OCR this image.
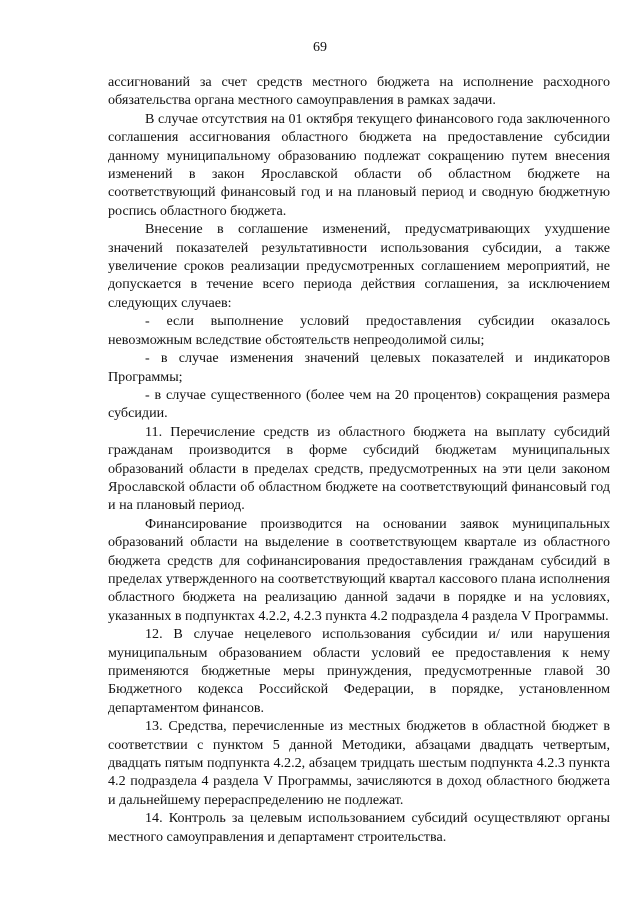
69

ассигнований за счет средств местного бюджета на исполнение расходного обязательства органа местного самоуправления в рамках задачи.

В случае отсутствия на 01 октября текущего финансового года заключенного соглашения ассигнования областного бюджета на предоставление субсидии данному муниципальному образованию подлежат сокращению путем внесения изменений в закон Ярославской области об областном бюджете на соответствующий финансовый год и на плановый период и сводную бюджетную роспись областного бюджета.

Внесение в соглашение изменений, предусматривающих ухудшение значений показателей результативности использования субсидии, а также увеличение сроков реализации предусмотренных соглашением мероприятий, не допускается в течение всего периода действия соглашения, за исключением следующих случаев:

- если выполнение условий предоставления субсидии оказалось невозможным вследствие обстоятельств непреодолимой силы;

- в случае изменения значений целевых показателей и индикаторов Программы;

- в случае существенного (более чем на 20 процентов) сокращения размера субсидии.

11. Перечисление средств из областного бюджета на выплату субсидий гражданам производится в форме субсидий бюджетам муниципальных образований области в пределах средств, предусмотренных на эти цели законом Ярославской области об областном бюджете на соответствующий финансовый год и на плановый период.

Финансирование производится на основании заявок муниципальных образований области на выделение в соответствующем квартале из областного бюджета средств для софинансирования предоставления гражданам субсидий в пределах утвержденного на соответствующий квартал кассового плана исполнения областного бюджета на реализацию данной задачи в порядке и на условиях, указанных в подпунктах 4.2.2, 4.2.3 пункта 4.2 подраздела 4 раздела V Программы.

12. В случае нецелевого использования субсидии и/ или нарушения муниципальным образованием области условий ее предоставления к нему применяются бюджетные меры принуждения, предусмотренные главой 30 Бюджетного кодекса Российской Федерации, в порядке, установленном департаментом финансов.

13. Средства, перечисленные из местных бюджетов в областной бюджет в соответствии с пунктом 5 данной Методики, абзацами двадцать четвертым, двадцать пятым подпункта 4.2.2, абзацем тридцать шестым подпункта 4.2.3 пункта 4.2 подраздела 4 раздела V Программы, зачисляются в доход областного бюджета и дальнейшему перераспределению не подлежат.

14. Контроль за целевым использованием субсидий осуществляют органы местного самоуправления и департамент строительства.
